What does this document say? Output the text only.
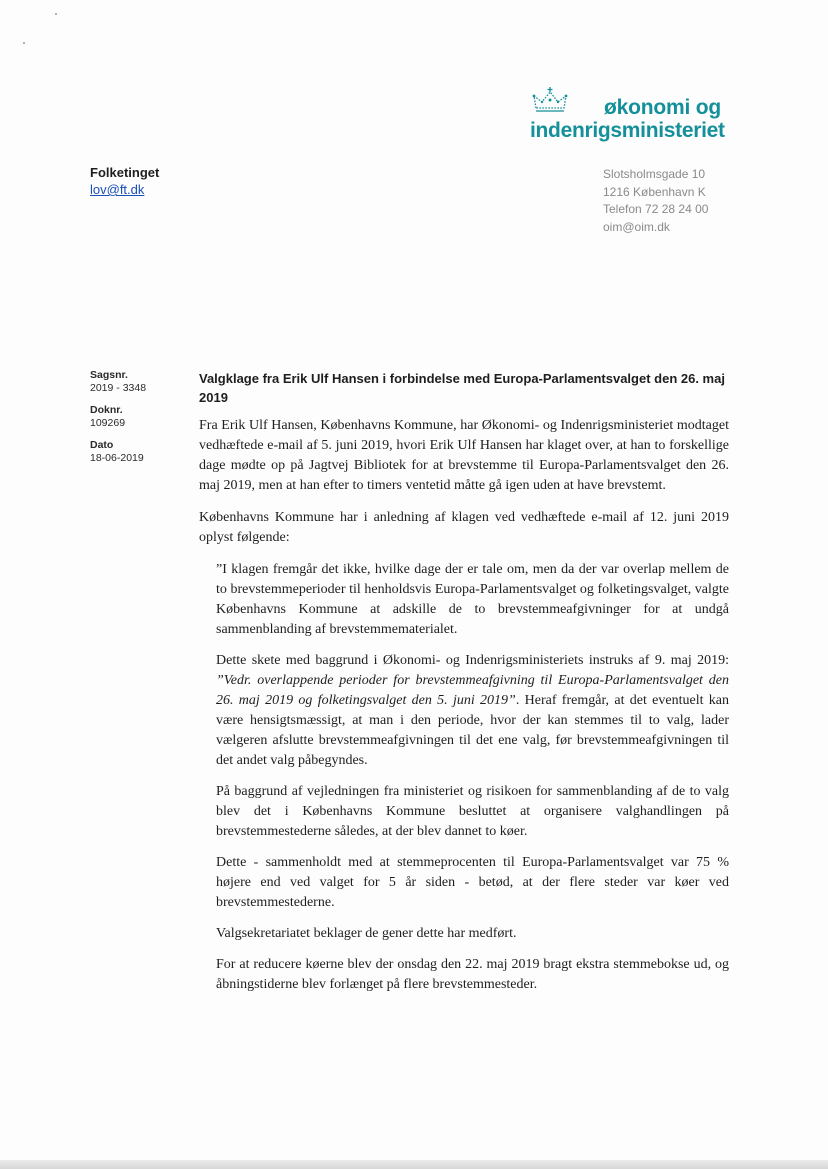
økonomi og
indenrigsministeriet
Folketinget
lov@ft.dk
Slotsholmsgade 10
1216 København K
Telefon 72 28 24 00
oim@oim.dk
Sagsnr.
2019 - 3348
Doknr.
109269
Dato
18-06-2019
Valgklage fra Erik Ulf Hansen i forbindelse med Europa-Parlamentsvalget den 26. maj 2019

Fra Erik Ulf Hansen, Københavns Kommune, har Økonomi- og Indenrigsministeriet modtaget vedhæftede e-mail af 5. juni 2019, hvori Erik Ulf Hansen har klaget over, at han to forskellige dage mødte op på Jagtvej Bibliotek for at brevstemme til Europa-Parlamentsvalget den 26. maj 2019, men at han efter to timers ventetid måtte gå igen uden at have brevstemt.

Københavns Kommune har i anledning af klagen ved vedhæftede e-mail af 12. juni 2019 oplyst følgende:

”I klagen fremgår det ikke, hvilke dage der er tale om, men da der var overlap mellem de to brevstemmeperioder til henholdsvis Europa-Parlamentsvalget og folketingsvalget, valgte Københavns Kommune at adskille de to brevstemmeafgivninger for at undgå sammenblanding af brevstemmematerialet.

Dette skete med baggrund i Økonomi- og Indenrigsministeriets instruks af 9. maj 2019: ”Vedr. overlappende perioder for brevstemmeafgivning til Europa-Parlamentsvalget den 26. maj 2019 og folketingsvalget den 5. juni 2019”. Heraf fremgår, at det eventuelt kan være hensigtsmæssigt, at man i den periode, hvor der kan stemmes til to valg, lader vælgeren afslutte brevstemmeafgivningen til det ene valg, før brevstemmeafgivningen til det andet valg påbegyndes.

På baggrund af vejledningen fra ministeriet og risikoen for sammenblanding af de to valg blev det i Københavns Kommune besluttet at organisere valghandlingen på brevstemmestederne således, at der blev dannet to køer.

Dette - sammenholdt med at stemmeprocenten til Europa-Parlamentsvalget var 75 % højere end ved valget for 5 år siden - betød, at der flere steder var køer ved brevstemmestederne.

Valgsekretariatet beklager de gener dette har medført.

For at reducere køerne blev der onsdag den 22. maj 2019 bragt ekstra stemmebokse ud, og åbningstiderne blev forlænget på flere brevstemmesteder.
